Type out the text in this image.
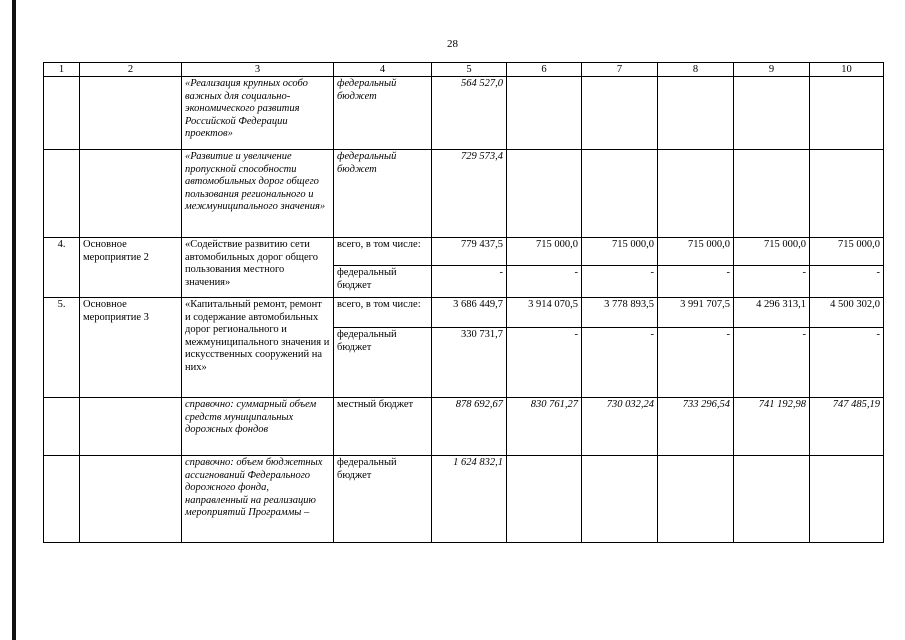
28
1	2	3	4	5	6	7	8	9	10
		«Реализация крупных особо важных для социально-экономического развития Российской Федерации проектов»	федеральный бюджет	564 527,0					
		«Развитие и увеличение пропускной способности автомобильных дорог общего пользования регионального и межмуниципального значения»	федеральный бюджет	729 573,4					
4.	Основное мероприятие 2	«Содействие развитию сети автомобильных дорог общего пользования местного значения»	всего, в том числе:	779 437,5	715 000,0	715 000,0	715 000,0	715 000,0	715 000,0
			федеральный бюджет	-	-	-	-	-	-
5.	Основное мероприятие 3	«Капитальный ремонт, ремонт и содержание автомобильных дорог регионального и межмуниципального значения и искусственных сооружений на них»	всего, в том числе:	3 686 449,7	3 914 070,5	3 778 893,5	3 991 707,5	4 296 313,1	4 500 302,0
			федеральный бюджет	330 731,7	-	-	-	-	-
		справочно: суммарный объем средств муниципальных дорожных фондов	местный бюджет	878 692,67	830 761,27	730 032,24	733 296,54	741 192,98	747 485,19
		справочно: объем бюджетных ассигнований Федерального дорожного фонда, направленный на реализацию мероприятий Программы –	федеральный бюджет	1 624 832,1					
